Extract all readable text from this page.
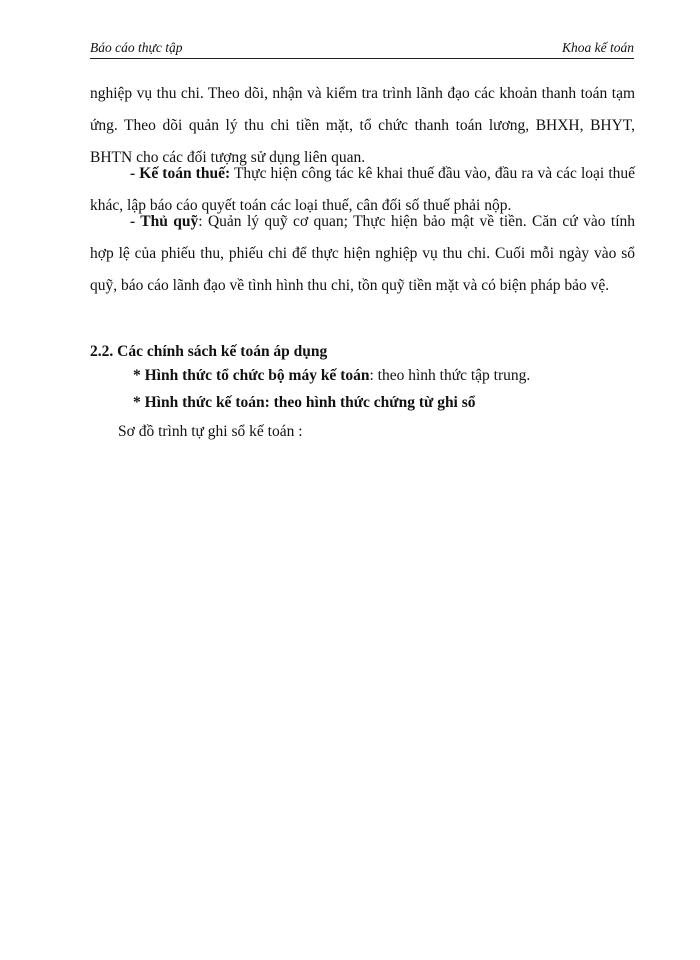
Báo cáo thực tập	Khoa kế toán
nghiệp vụ thu chi. Theo dõi, nhận và kiểm tra trình lãnh đạo các khoản thanh toán tạm ứng. Theo dõi quản lý thu chi tiền mặt, tổ chức thanh toán lương, BHXH, BHYT, BHTN cho các đối tượng sử dụng liên quan.
- Kế toán thuế: Thực hiện công tác kê khai thuế đầu vào, đầu ra và các loại thuế khác, lập báo cáo quyết toán các loại thuế, cân đối số thuế phải nộp.
- Thủ quỹ: Quản lý quỹ cơ quan; Thực hiện bảo mật về tiền. Căn cứ vào tính hợp lệ của phiếu thu, phiếu chi để thực hiện nghiệp vụ thu chi. Cuối mỗi ngày vào sổ quỹ, báo cáo lãnh đạo về tình hình thu chi, tồn quỹ tiền mặt và có biện pháp bảo vệ.
2.2. Các chính sách kế toán áp dụng
* Hình thức tổ chức bộ máy kế toán: theo hình thức tập trung.
* Hình thức kế toán: theo hình thức chứng từ ghi sổ
Sơ đồ trình tự ghi sổ kế toán :
